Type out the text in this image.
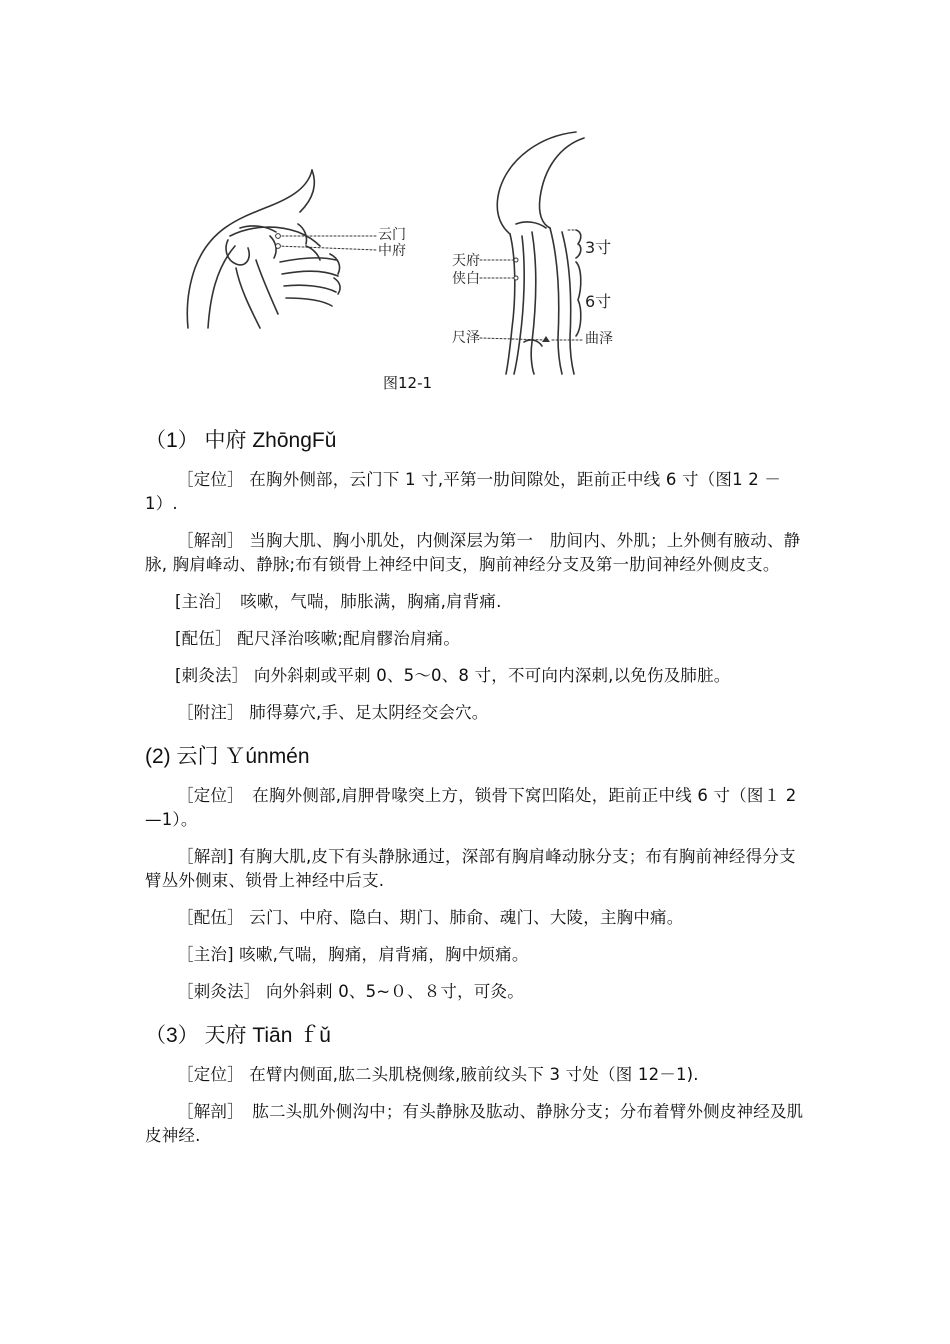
云门
中府
天府
侠白
尺泽	曲泽
3寸
6寸
图12-1
（1） 中府 ZhōngFǔ

［定位］ 在胸外侧部，云门下 1 寸,平第一肋间隙处，距前正中线 6 寸（图1 2 －1）.

［解剖］ 当胸大肌、胸小肌处，内侧深层为第一　肋间内、外肌；上外侧有腋动、静脉, 胸肩峰动、静脉;布有锁骨上神经中间支，胸前神经分支及第一肋间神经外侧皮支。

[主治］　咳嗽，气喘，肺胀满，胸痛,肩背痛.

[配伍］ 配尺泽治咳嗽;配肩髎治肩痛。

[刺灸法］ 向外斜刺或平刺 0、5～0、8 寸，不可向内深刺,以免伤及肺脏。

［附注］ 肺得募穴,手、足太阴经交会穴。

(2) 云门 Ｙúnmén

［定位］　在胸外侧部,肩胛骨喙突上方，锁骨下窝凹陷处，距前正中线 6 寸（图１ 2—1）。

［解剖] 有胸大肌,皮下有头静脉通过，深部有胸肩峰动脉分支；布有胸前神经得分支臂丛外侧束、锁骨上神经中后支.

［配伍］ 云门、中府、隐白、期门、肺俞、魂门、大陵，主胸中痛。

［主治] 咳嗽,气喘，胸痛，肩背痛，胸中烦痛。

［刺灸法］ 向外斜刺 0、5~０、８寸，可灸。

（3） 天府 Tiān ｆǔ

［定位］ 在臂内侧面,肱二头肌桡侧缘,腋前纹头下 3 寸处（图 12－1).

［解剖］　肱二头肌外侧沟中；有头静脉及肱动、静脉分支；分布着臂外侧皮神经及肌皮神经.
